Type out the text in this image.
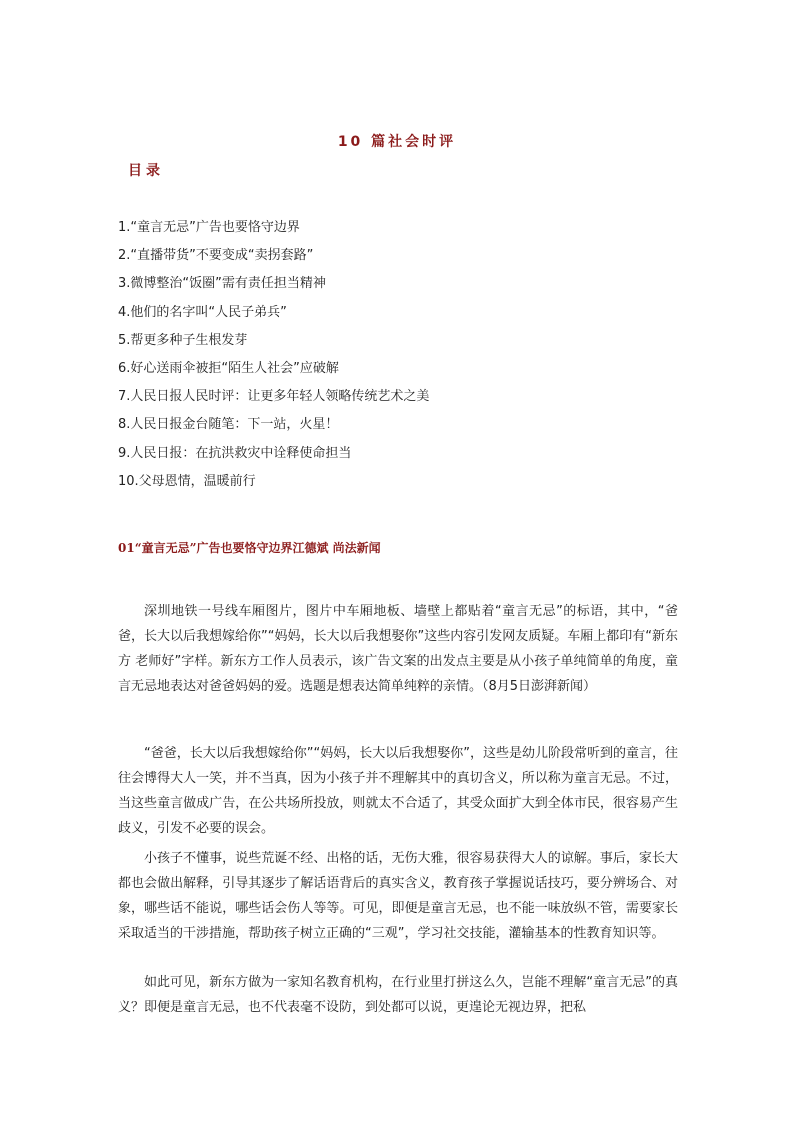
10 篇社会时评
目录
1.“童言无忌”广告也要恪守边界
2.“直播带货”不要变成“卖拐套路”
3.微博整治“饭圈”需有责任担当精神
4.他们的名字叫“人民子弟兵”
5.帮更多种子生根发芽
6.好心送雨伞被拒“陌生人社会”应破解
7.人民日报人民时评：让更多年轻人领略传统艺术之美
8.人民日报金台随笔：下一站，火星！
9.人民日报：在抗洪救灾中诠释使命担当
10.父母恩情，温暖前行
01“童言无忌”广告也要恪守边界江德斌 尚法新闻

深圳地铁一号线车厢图片，图片中车厢地板、墙壁上都贴着“童言无忌”的标语，其中，“爸爸，长大以后我想嫁给你”“妈妈，长大以后我想娶你”这些内容引发网友质疑。车厢上都印有“新东方 老师好”字样。新东方工作人员表示，该广告文案的出发点主要是从小孩子单纯简单的角度，童言无忌地表达对爸爸妈妈的爱。选题是想表达简单纯粹的亲情。（8月5日澎湃新闻）

“爸爸，长大以后我想嫁给你”“妈妈，长大以后我想娶你”，这些是幼儿阶段常听到的童言，往往会博得大人一笑，并不当真，因为小孩子并不理解其中的真切含义，所以称为童言无忌。不过，当这些童言做成广告，在公共场所投放，则就太不合适了，其受众面扩大到全体市民，很容易产生歧义，引发不必要的误会。

小孩子不懂事，说些荒诞不经、出格的话，无伤大雅，很容易获得大人的谅解。事后，家长大都也会做出解释，引导其逐步了解话语背后的真实含义，教育孩子掌握说话技巧，要分辨场合、对象，哪些话不能说，哪些话会伤人等等。可见，即便是童言无忌，也不能一味放纵不管，需要家长采取适当的干涉措施，帮助孩子树立正确的“三观”，学习社交技能，灌输基本的性教育知识等。

如此可见，新东方做为一家知名教育机构，在行业里打拼这么久，岂能不理解“童言无忌”的真义？即便是童言无忌，也不代表毫不设防，到处都可以说，更遑论无视边界，把私
